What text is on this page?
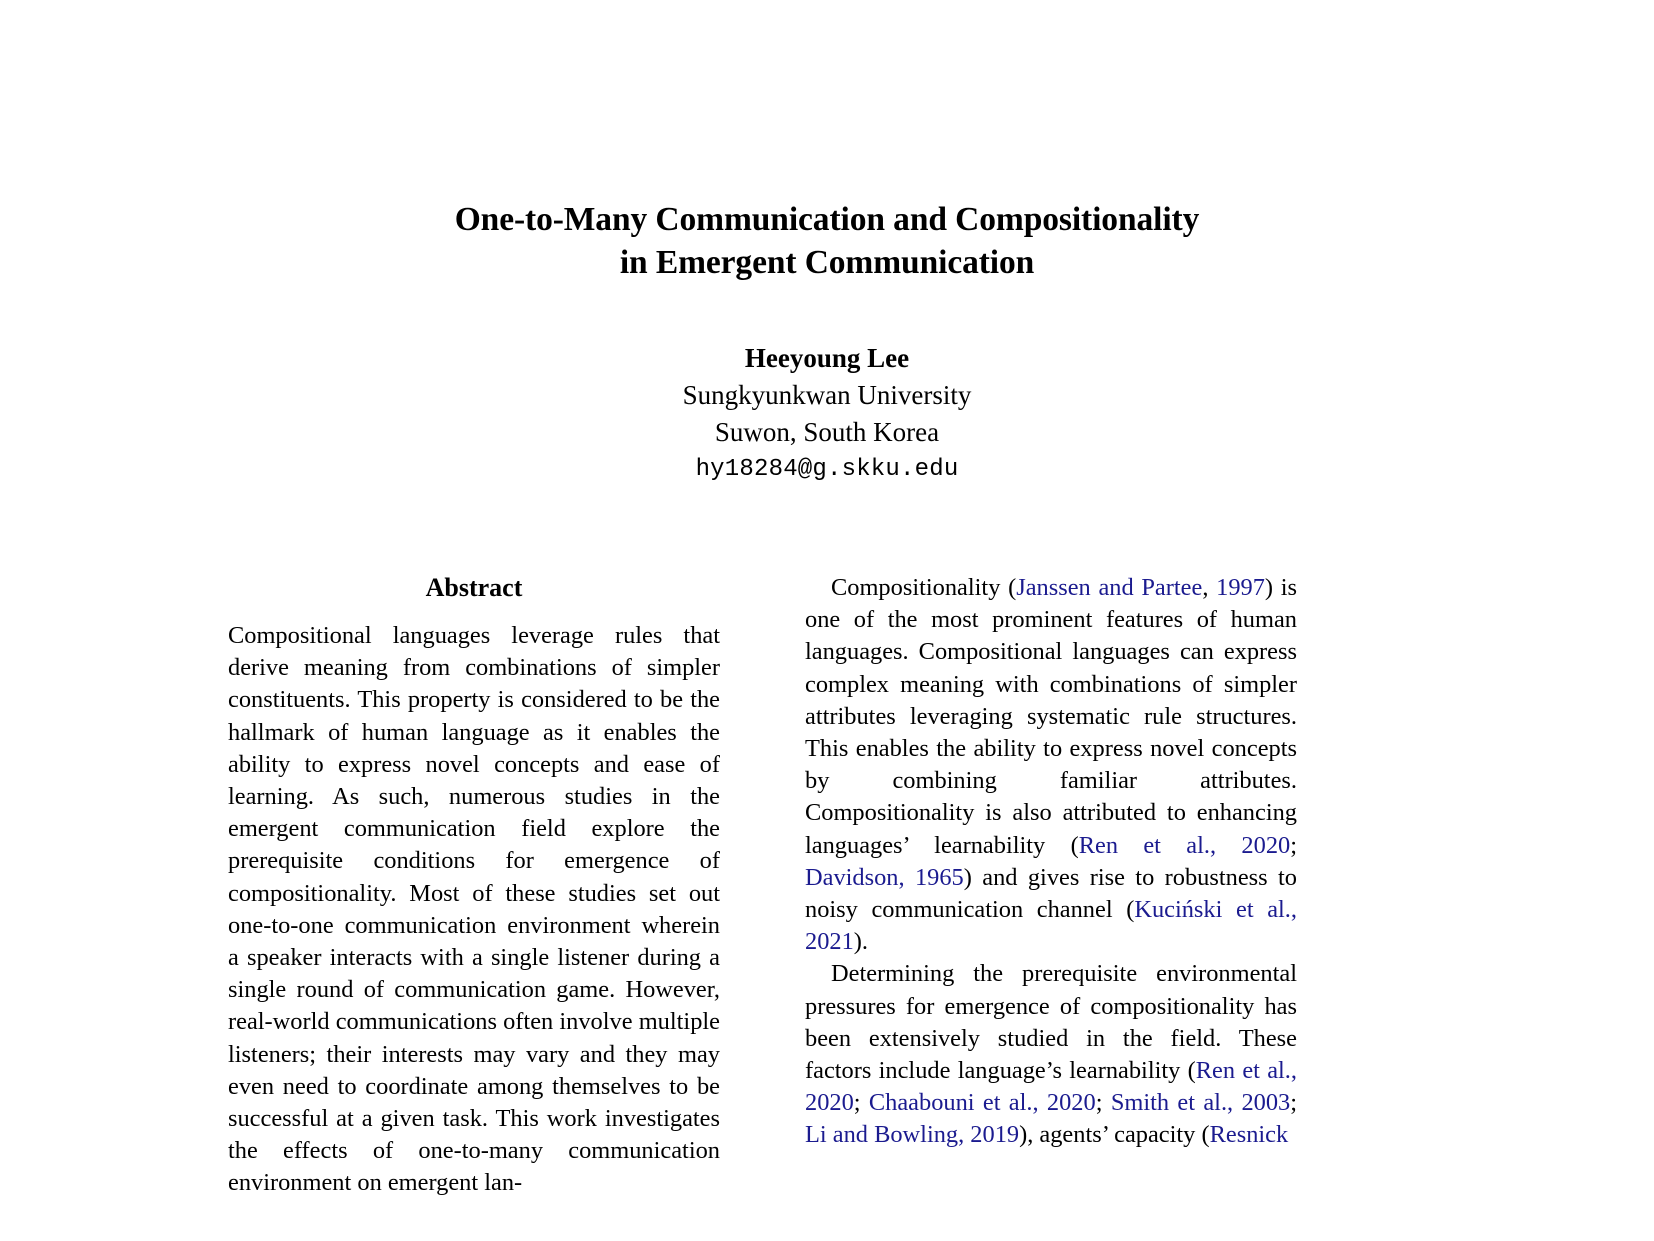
One-to-Many Communication and Compositionality
in Emergent Communication
Heeyoung Lee
Sungkyunkwan University
Suwon, South Korea
hy18284@g.skku.edu
Abstract

Compositional languages leverage rules that derive meaning from combinations of simpler constituents. This property is considered to be the hallmark of human language as it enables the ability to express novel concepts and ease of learning. As such, numerous studies in the emergent communication field explore the prerequisite conditions for emergence of compositionality. Most of these studies set out one-to-one communication environment wherein a speaker interacts with a single listener during a single round of communication game. However, real-world communications often involve multiple listeners; their interests may vary and they may even need to coordinate among themselves to be successful at a given task. This work investigates the effects of one-to-many communication environment on emergent lan-

Compositionality (Janssen and Partee, 1997) is one of the most prominent features of human languages. Compositional languages can express complex meaning with combinations of simpler attributes leveraging systematic rule structures. This enables the ability to express novel concepts by combining familiar attributes. Compositionality is also attributed to enhancing languages’ learnability (Ren et al., 2020; Davidson, 1965) and gives rise to robustness to noisy communication channel (Kuciński et al., 2021).

Determining the prerequisite environmental pressures for emergence of compositionality has been extensively studied in the field. These factors include language’s learnability (Ren et al., 2020; Chaabouni et al., 2020; Smith et al., 2003; Li and Bowling, 2019), agents’ capacity (Resnick
